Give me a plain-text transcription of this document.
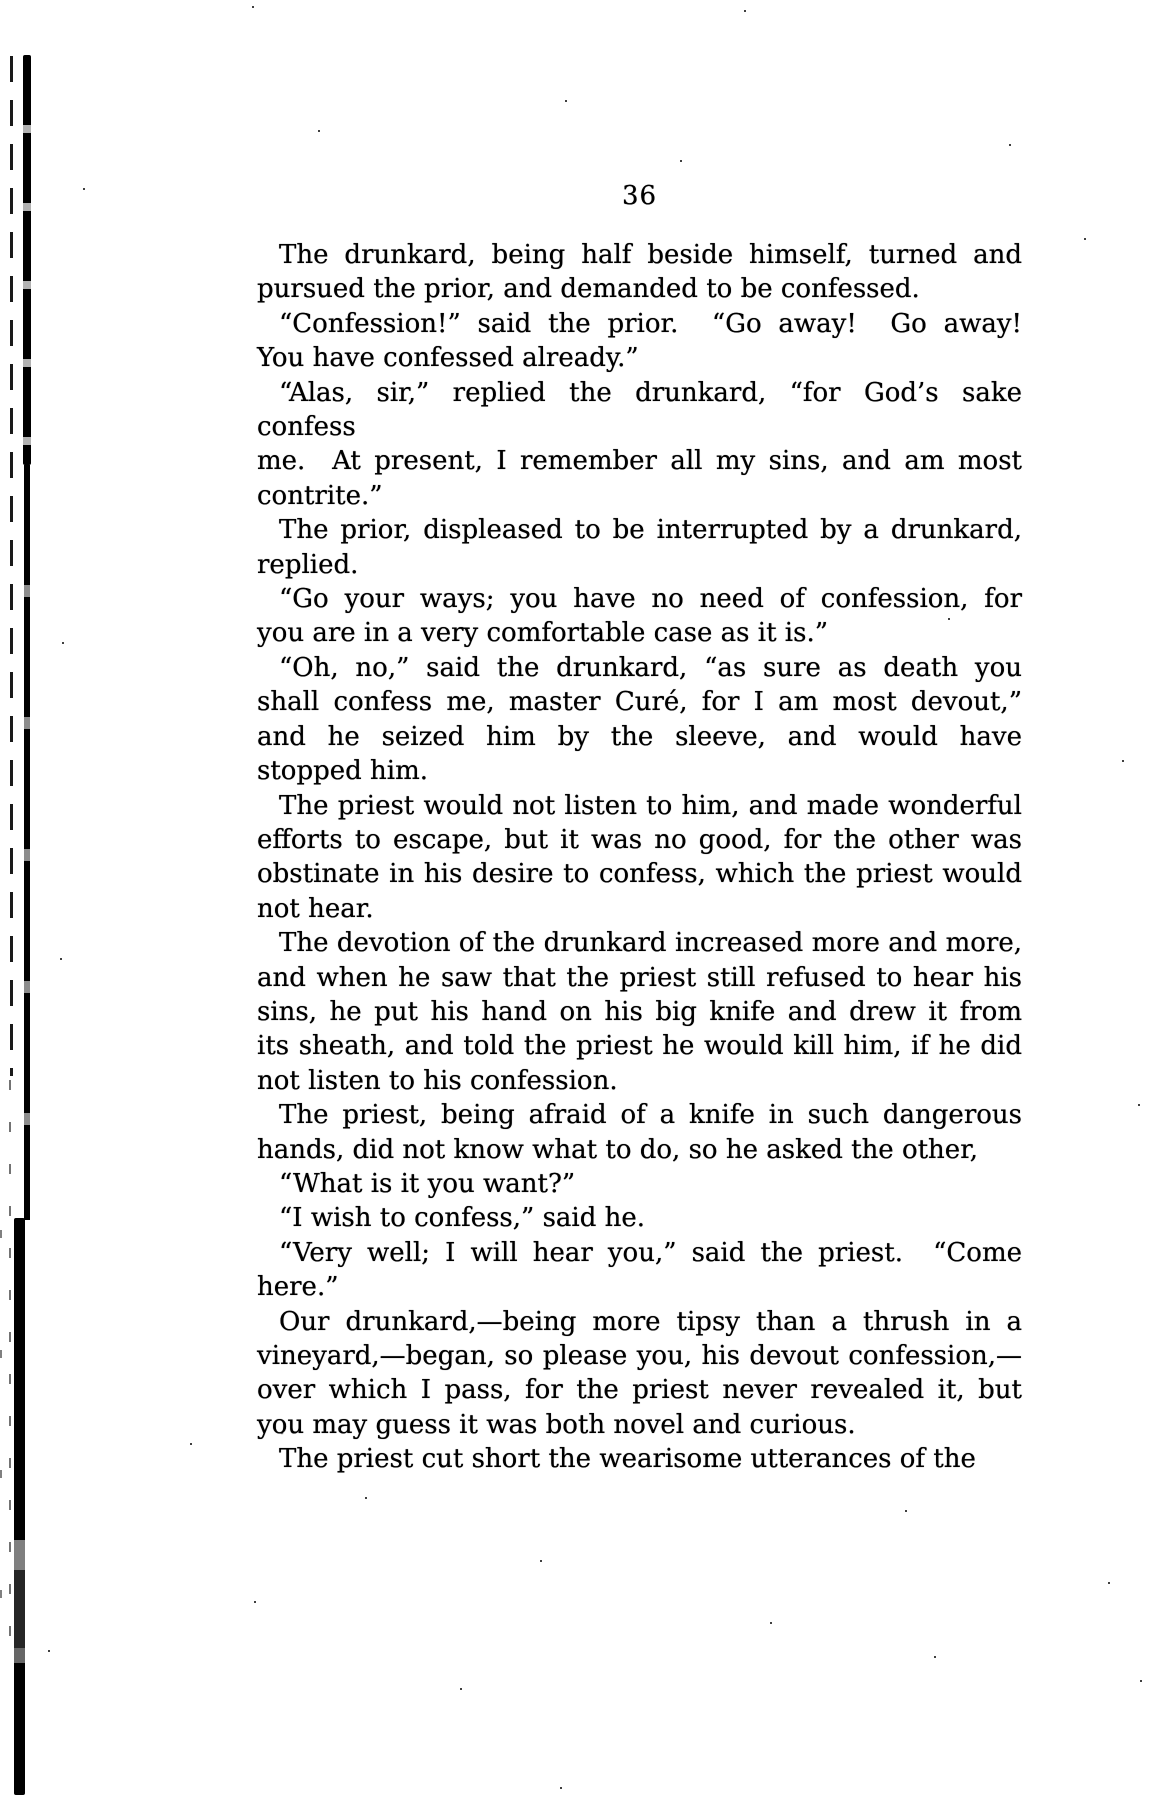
36

The drunkard, being half beside himself, turned and
pursued the prior, and demanded to be confessed.

“Confession!” said the prior.  “Go away!  Go away!
You have confessed already.”

“Alas, sir,” replied the drunkard, “for God’s sake confess
me.  At present, I remember all my sins, and am most
contrite.”

The prior, displeased to be interrupted by a drunkard,
replied.

“Go your ways; you have no need of confession, for
you are in a very comfortable case as it is.”

“Oh, no,” said the drunkard, “as sure as death you
shall confess me, master Curé, for I am most devout,”
and he seized him by the sleeve, and would have
stopped him.

The priest would not listen to him, and made wonderful
efforts to escape, but it was no good, for the other was
obstinate in his desire to confess, which the priest would
not hear.

The devotion of the drunkard increased more and more,
and when he saw that the priest still refused to hear his
sins, he put his hand on his big knife and drew it from
its sheath, and told the priest he would kill him, if he did
not listen to his confession.

The priest, being afraid of a knife in such dangerous
hands, did not know what to do, so he asked the other,

“What is it you want?”

“I wish to confess,” said he.

“Very well; I will hear you,” said the priest.  “Come
here.”

Our drunkard,—being more tipsy than a thrush in a
vineyard,—began, so please you, his devout confession,—
over which I pass, for the priest never revealed it, but
you may guess it was both novel and curious.

The priest cut short the wearisome utterances of the
